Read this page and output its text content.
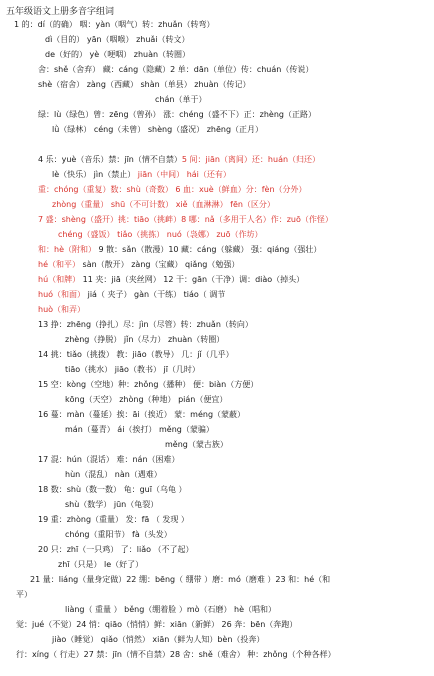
五年级语文上册多音字组词
1 的：dí（的确） 咽：yàn（咽气）转：zhuǎn（转弯）
dì（目的） yān（咽喉） zhuǎi（转文）
de（好的） yè（哽咽） zhuàn（转圈）
舍：shě（舍弃） 藏：cáng（隐藏）2 单：dān（单位）传：chuán（传说）
shè（宿舍） zàng（西藏） shàn（单县） zhuàn（传记）
chán（单于）
绿：lù（绿色）曾：zēng（曾孙） 涨：chéng（盛不下）正：zhèng（正路）
lǜ（绿林） céng（未曾） shèng（盛况） zhēng（正月）
4 乐：yuè（音乐）禁：jīn（情不自禁）5 间：jiān（离间）还：huán（归还）
lè（快乐） jìn（禁止） jiān（中间） hái（还有）
重：chóng（重复）数：shù（奇数） 6 血：xuè（鲜血）分：fèn（分外）
zhòng（重量） shū（不可计数） xiě（血淋淋） fēn（区分）
7 盛：shèng（盛开）挑：tiāo（挑衅）8 哪：nǎ（多用于人名）作：zuō（作怪）
chéng（盛饭） tiǎo（挑拣） nuó（袅娜） zuō（作坊）
和：hè（附和） 9 散：sǎn（散漫）10 藏：cáng（躲藏） 强：qiáng（强壮）
hé（和平） sàn（散开） zàng（宝藏） qiǎng（勉强）
hú（和牌） 11 夹：jiā（夹丝网） 12 干：gān（干净）调：diào（掉头）
huó（和面） jiá（ 夹子） gàn（干练） tiáo（ 调节
huò（和弄）
13 挣：zhēng（挣扎）尽：jìn（尽管）转：zhuǎn（转向）
zhèng（挣脱） jǐn（尽力） zhuàn（转圈）
14 挑：tiǎo（挑拨） 教：jiāo（教导） 几：jǐ（几乎）
tiāo（挑水） jiāo（教书） jī（几时）
15 空：kòng（空地）种：zhǒng（播种） 便：biàn（方便）
kōng（天空） zhòng（种地） pián（便宜）
16 蔓：màn（蔓延）挨：āi（挨近） 蒙：méng（蒙蔽）
mán（蔓青） ái（挨打） měng（蒙骗）
měng（蒙古族）
17 混：hún（混话） 难：nán（困难）
hùn（混乱） nàn（遇难）
18 数：shù（数一数） 龟：guī（乌龟 ）
shù（数学） jūn（龟裂）
19 重：zhòng（重量） 发：fā （ 发现 ）
chóng（重阳节） fà（头发）
20 只：zhī（一只鸡） 了：liǎo （不了起）
zhī（只是） le（好了）
21 量：liáng（量身定做）22 绷：bēng（ 绷带 ）磨：mó（磨难 ）23 和：hé（和
平）
liàng（ 重量 ） běng（绷着脸 ）mò（石磨） hè（唱和）
觉：jué（不觉）24 悄：qiāo（悄悄）鲜：xiān（新鲜） 26 奔：bēn（奔跑）
jiào（睡觉） qiǎo（悄然） xiān（鲜为人知）bèn（投奔）
行：xíng（ 行走）27 禁：jīn（情不自禁）28 舍：shě（难舍） 种：zhǒng（个种各样）
